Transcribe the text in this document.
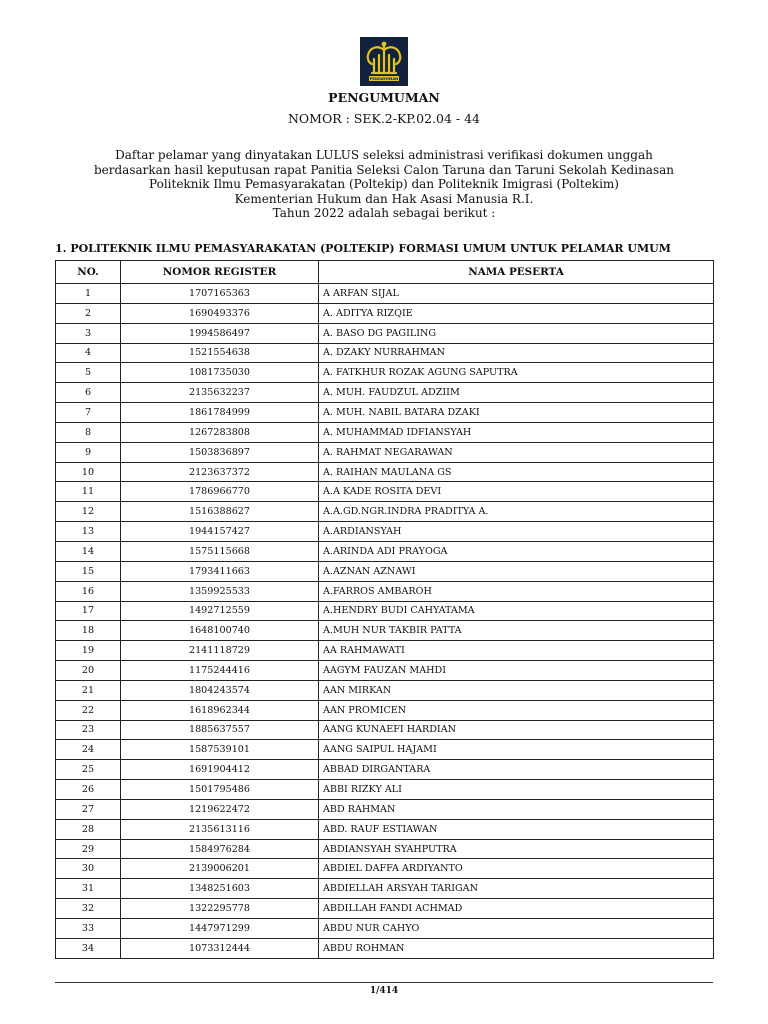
PENGAYOMAN
PENGUMUMAN
NOMOR : SEK.2-KP.02.04 - 44
Daftar pelamar yang dinyatakan LULUS seleksi administrasi verifikasi dokumen unggah
berdasarkan hasil keputusan rapat Panitia Seleksi Calon Taruna dan Taruni Sekolah Kedinasan
Politeknik Ilmu Pemasyarakatan (Poltekip) dan Politeknik Imigrasi (Poltekim)
Kementerian Hukum dan Hak Asasi Manusia R.I.
Tahun 2022 adalah sebagai berikut :
1. POLITEKNIK ILMU PEMASYARAKATAN (POLTEKIP) FORMASI UMUM UNTUK PELAMAR UMUM
NO.	NOMOR REGISTER	NAMA PESERTA
1	1707165363	A ARFAN SIJAL
2	1690493376	A. ADITYA RIZQIE
3	1994586497	A. BASO DG PAGILING
4	1521554638	A. DZAKY NURRAHMAN
5	1081735030	A. FATKHUR ROZAK AGUNG SAPUTRA
6	2135632237	A. MUH. FAUDZUL ADZIIM
7	1861784999	A. MUH. NABIL BATARA DZAKI
8	1267283808	A. MUHAMMAD IDFIANSYAH
9	1503836897	A. RAHMAT NEGARAWAN
10	2123637372	A. RAIHAN MAULANA GS
11	1786966770	A.A KADE ROSITA DEVI
12	1516388627	A.A.GD.NGR.INDRA PRADITYA A.
13	1944157427	A.ARDIANSYAH
14	1575115668	A.ARINDA ADI PRAYOGA
15	1793411663	A.AZNAN AZNAWI
16	1359925533	A.FARROS AMBAROH
17	1492712559	A.HENDRY BUDI CAHYATAMA
18	1648100740	A.MUH NUR TAKBIR PATTA
19	2141118729	AA RAHMAWATI
20	1175244416	AAGYM FAUZAN MAHDI
21	1804243574	AAN MIRKAN
22	1618962344	AAN PROMICEN
23	1885637557	AANG KUNAEFI HARDIAN
24	1587539101	AANG SAIPUL HAJAMI
25	1691904412	ABBAD DIRGANTARA
26	1501795486	ABBI RIZKY ALI
27	1219622472	ABD RAHMAN
28	2135613116	ABD. RAUF ESTIAWAN
29	1584976284	ABDIANSYAH SYAHPUTRA
30	2139006201	ABDIEL DAFFA ARDIYANTO
31	1348251603	ABDIELLAH ARSYAH TARIGAN
32	1322295778	ABDILLAH FANDI ACHMAD
33	1447971299	ABDU NUR CAHYO
34	1073312444	ABDU ROHMAN
1/414
